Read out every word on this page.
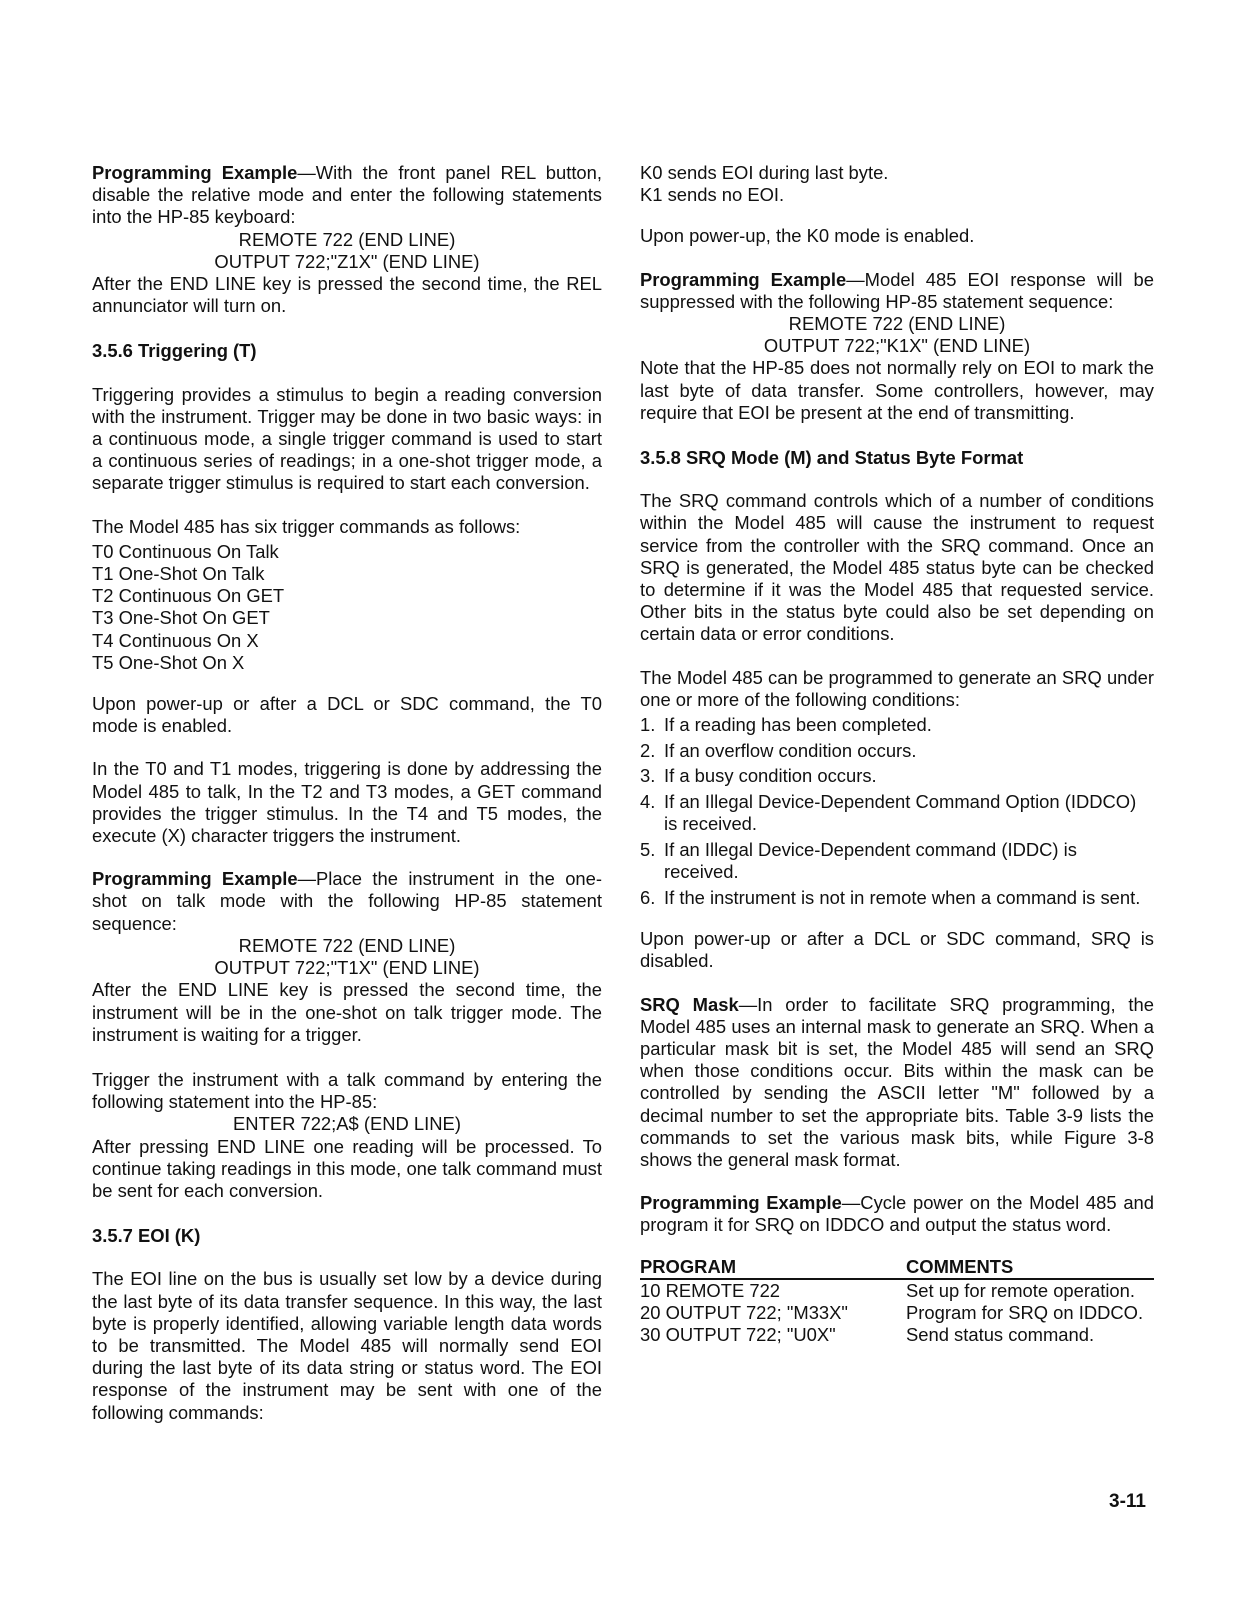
Programming Example—With the front panel REL button, disable the relative mode and enter the following statements into the HP-85 keyboard:

REMOTE 722 (END LINE)
OUTPUT 722;"Z1X" (END LINE)

After the END LINE key is pressed the second time, the REL annunciator will turn on.

3.5.6 Triggering (T)

Triggering provides a stimulus to begin a reading conversion with the instrument. Trigger may be done in two basic ways: in a continuous mode, a single trigger command is used to start a continuous series of readings; in a one-shot trigger mode, a separate trigger stimulus is required to start each conversion.

The Model 485 has six trigger commands as follows:

T0 Continuous On Talk
T1 One-Shot On Talk
T2 Continuous On GET
T3 One-Shot On GET
T4 Continuous On X
T5 One-Shot On X

Upon power-up or after a DCL or SDC command, the T0 mode is enabled.

In the T0 and T1 modes, triggering is done by addressing the Model 485 to talk, In the T2 and T3 modes, a GET command provides the trigger stimulus. In the T4 and T5 modes, the execute (X) character triggers the instrument.

Programming Example—Place the instrument in the one-shot on talk mode with the following HP-85 statement sequence:

REMOTE 722 (END LINE)
OUTPUT 722;"T1X" (END LINE)

After the END LINE key is pressed the second time, the instrument will be in the one-shot on talk trigger mode. The instrument is waiting for a trigger.

Trigger the instrument with a talk command by entering the following statement into the HP-85:

ENTER 722;A$ (END LINE)

After pressing END LINE one reading will be processed. To continue taking readings in this mode, one talk command must be sent for each conversion.

3.5.7 EOI (K)

The EOI line on the bus is usually set low by a device during the last byte of its data transfer sequence. In this way, the last byte is properly identified, allowing variable length data words to be transmitted. The Model 485 will normally send EOI during the last byte of its data string or status word. The EOI response of the instrument may be sent with one of the following commands:

K0 sends EOI during last byte.
K1 sends no EOI.

Upon power-up, the K0 mode is enabled.

Programming Example—Model 485 EOI response will be suppressed with the following HP-85 statement sequence:

REMOTE 722 (END LINE)
OUTPUT 722;"K1X" (END LINE)

Note that the HP-85 does not normally rely on EOI to mark the last byte of data transfer. Some controllers, however, may require that EOI be present at the end of transmitting.

3.5.8 SRQ Mode (M) and Status Byte Format

The SRQ command controls which of a number of conditions within the Model 485 will cause the instrument to request service from the controller with the SRQ command. Once an SRQ is generated, the Model 485 status byte can be checked to determine if it was the Model 485 that requested service. Other bits in the status byte could also be set depending on certain data or error conditions.

The Model 485 can be programmed to generate an SRQ under one or more of the following conditions:

1. If a reading has been completed.
2. If an overflow condition occurs.
3. If a busy condition occurs.
4. If an Illegal Device-Dependent Command Option (IDDCO) is received.
5. If an Illegal Device-Dependent command (IDDC) is received.
6. If the instrument is not in remote when a command is sent.

Upon power-up or after a DCL or SDC command, SRQ is disabled.

SRQ Mask—In order to facilitate SRQ programming, the Model 485 uses an internal mask to generate an SRQ. When a particular mask bit is set, the Model 485 will send an SRQ when those conditions occur. Bits within the mask can be controlled by sending the ASCII letter "M" followed by a decimal number to set the appropriate bits. Table 3-9 lists the commands to set the various mask bits, while Figure 3-8 shows the general mask format.

Programming Example—Cycle power on the Model 485 and program it for SRQ on IDDCO and output the status word.

PROGRAM	COMMENTS
10 REMOTE 722	Set up for remote operation.
20 OUTPUT 722; "M33X"	Program for SRQ on IDDCO.
30 OUTPUT 722; "U0X"	Send status command.
3-11
